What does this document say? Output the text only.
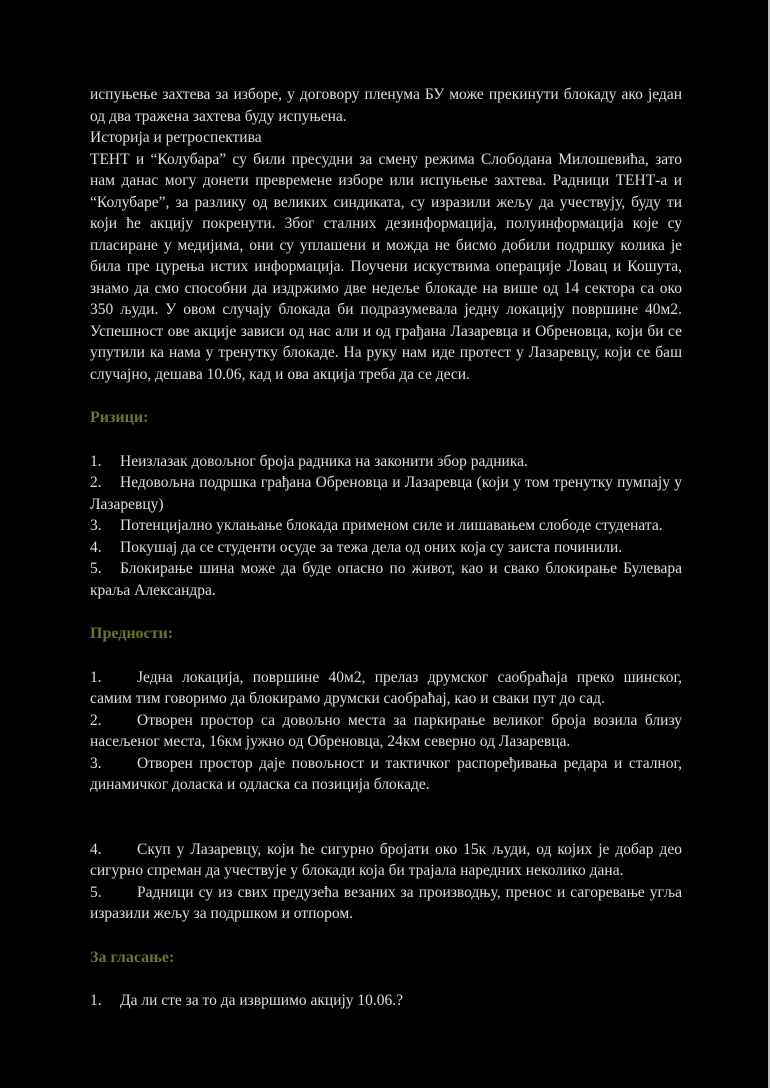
испуњење захтева за изборе, у договору пленума БУ може прекинути блокаду ако један од два тражена захтева буду испуњена.

Историја и ретроспектива

ТЕНТ и “Колубара” су били пресудни за смену режима Слободана Милошевића, зато нам данас могу донети превремене изборе или испуњење захтева. Радници ТЕНТ-а и “Колубаре”, за разлику од великих синдиката, су изразили жељу да учествују, буду ти који ће акцију покренути. Због сталних дезинформација, полуинформација које су пласиране у медијима, они су уплашени и можда не бисмо добили подршку колика је била пре цурења истих информација. Поучени искуствима операције Ловац и Кошута, знамо да смо способни да издржимо две недеље блокаде на више од 14 сектора са око 350 људи. У овом случају блокада би подразумевала једну локацију површине 40м2. Успешност ове акције зависи од нас али и од грађана Лазаревца и Обреновца, који би се упутили ка нама у тренутку блокаде. На руку нам иде протест у Лазаревцу, који се баш случајно, дешава 10.06, кад и ова акција треба да се деси.

Ризици:

1. Неизлазак довољног броја радника на законити збор радника.

2. Недовољна подршка грађана Обреновца и Лазаревца (који у том тренутку пумпају у Лазаревцу)

3. Потенцијално уклањање блокада применом силе и лишавањем слободе студената.

4. Покушај да се студенти осуде за тежа дела од оних која су заиста починили.

5. Блокирање шина може да буде опасно по живот, као и свако блокирање Булевара краља Александра.

Предности:

1. Једна локација, површине 40м2, прелаз друмског саобраћаја преко шинског, самим тим говоримо да блокирамо друмски саобраћај, као и сваки пут до сад.

2. Отворен простор са довољно места за паркирање великог броја возила близу насељеног места, 16км јужно од Обреновца, 24км северно од Лазаревца.

3. Отворен простор даје повољност и тактичког распоређивања редара и сталног, динамичког доласка и одласка са позиција блокаде.

4. Скуп у Лазаревцу, који ће сигурно бројати око 15к људи, од којих је добар део сигурно спреман да учествује у блокади која би трајала наредних неколико дана.

5. Радници су из свих предузећа везаних за производњу, пренос и сагоревање угља изразили жељу за подршком и отпором.

За гласање:

1. Да ли сте за то да извршимо акцију 10.06.?
